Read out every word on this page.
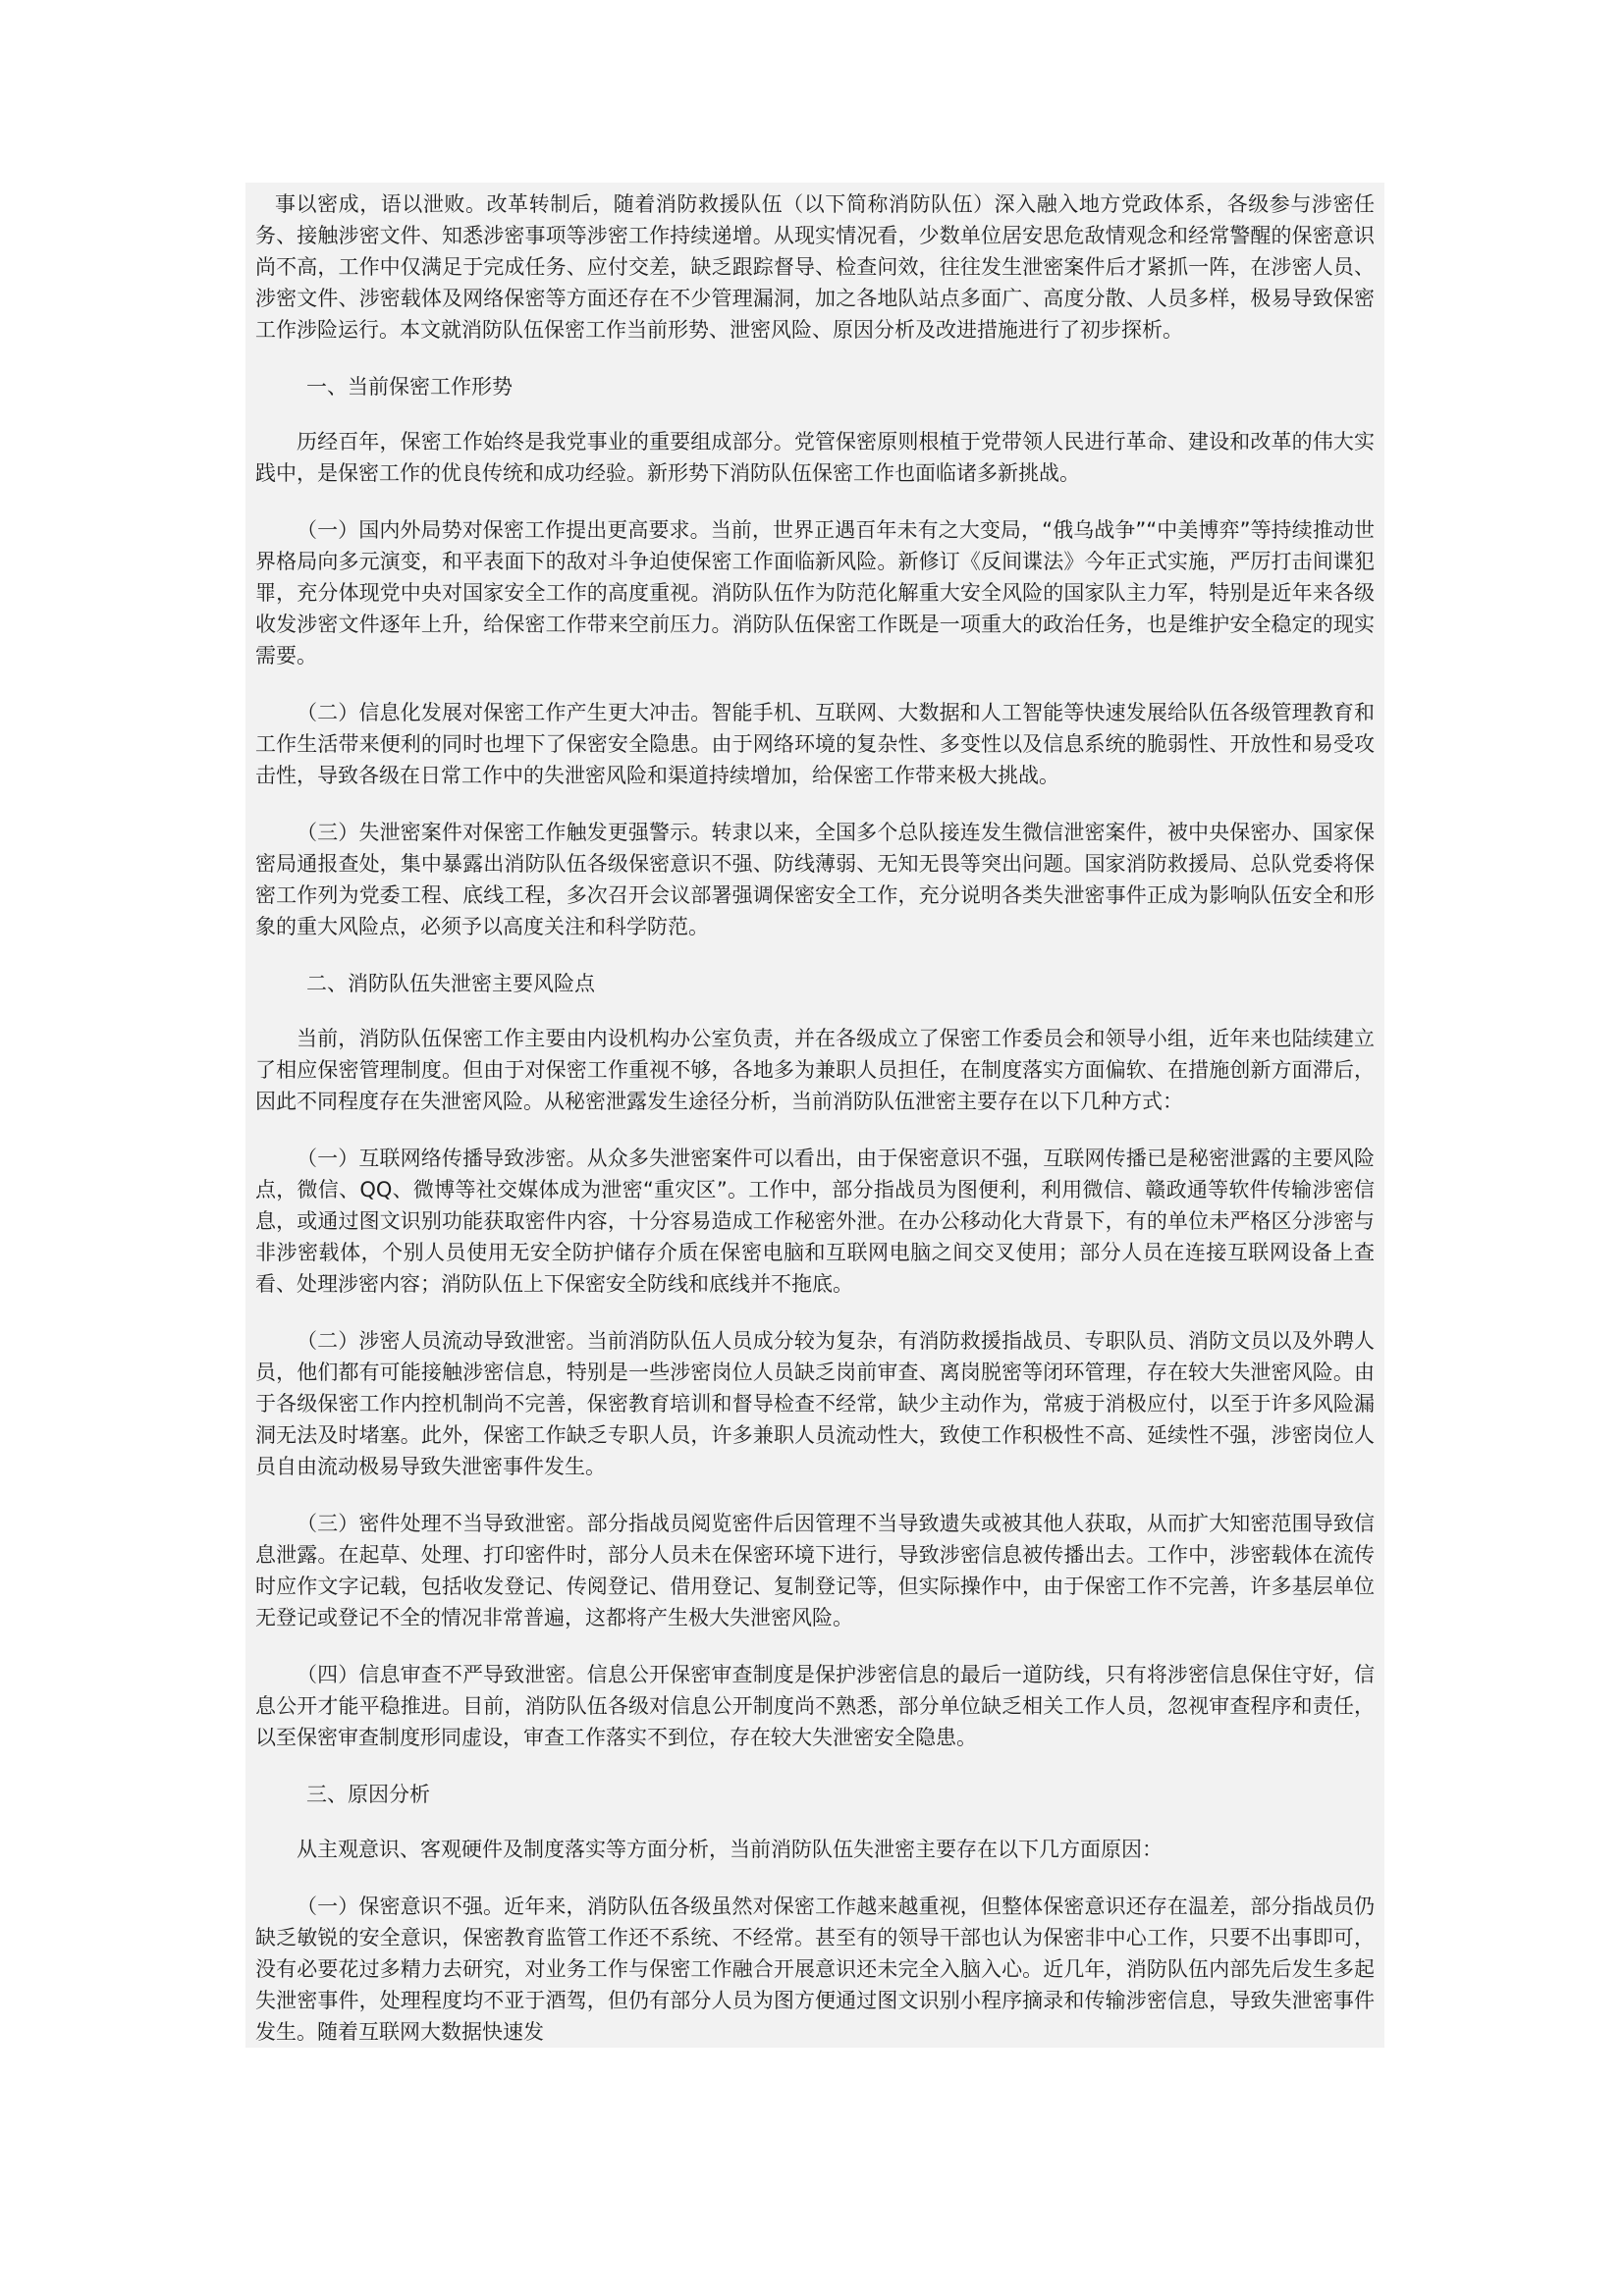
事以密成，语以泄败。改革转制后，随着消防救援队伍（以下简称消防队伍）深入融入地方党政体系，各级参与涉密任务、接触涉密文件、知悉涉密事项等涉密工作持续递增。从现实情况看，少数单位居安思危敌情观念和经常警醒的保密意识尚不高，工作中仅满足于完成任务、应付交差，缺乏跟踪督导、检查问效，往往发生泄密案件后才紧抓一阵，在涉密人员、涉密文件、涉密载体及网络保密等方面还存在不少管理漏洞，加之各地队站点多面广、高度分散、人员多样，极易导致保密工作涉险运行。本文就消防队伍保密工作当前形势、泄密风险、原因分析及改进措施进行了初步探析。

一、当前保密工作形势

历经百年，保密工作始终是我党事业的重要组成部分。党管保密原则根植于党带领人民进行革命、建设和改革的伟大实践中，是保密工作的优良传统和成功经验。新形势下消防队伍保密工作也面临诸多新挑战。

（一）国内外局势对保密工作提出更高要求。当前，世界正遇百年未有之大变局，“俄乌战争”“中美博弈”等持续推动世界格局向多元演变，和平表面下的敌对斗争迫使保密工作面临新风险。新修订《反间谍法》今年正式实施，严厉打击间谍犯罪，充分体现党中央对国家安全工作的高度重视。消防队伍作为防范化解重大安全风险的国家队主力军，特别是近年来各级收发涉密文件逐年上升，给保密工作带来空前压力。消防队伍保密工作既是一项重大的政治任务，也是维护安全稳定的现实需要。

（二）信息化发展对保密工作产生更大冲击。智能手机、互联网、大数据和人工智能等快速发展给队伍各级管理教育和工作生活带来便利的同时也埋下了保密安全隐患。由于网络环境的复杂性、多变性以及信息系统的脆弱性、开放性和易受攻击性，导致各级在日常工作中的失泄密风险和渠道持续增加，给保密工作带来极大挑战。

（三）失泄密案件对保密工作触发更强警示。转隶以来，全国多个总队接连发生微信泄密案件，被中央保密办、国家保密局通报查处，集中暴露出消防队伍各级保密意识不强、防线薄弱、无知无畏等突出问题。国家消防救援局、总队党委将保密工作列为党委工程、底线工程，多次召开会议部署强调保密安全工作，充分说明各类失泄密事件正成为影响队伍安全和形象的重大风险点，必须予以高度关注和科学防范。

二、消防队伍失泄密主要风险点

当前，消防队伍保密工作主要由内设机构办公室负责，并在各级成立了保密工作委员会和领导小组，近年来也陆续建立了相应保密管理制度。但由于对保密工作重视不够，各地多为兼职人员担任，在制度落实方面偏软、在措施创新方面滞后，因此不同程度存在失泄密风险。从秘密泄露发生途径分析，当前消防队伍泄密主要存在以下几种方式：

（一）互联网络传播导致涉密。从众多失泄密案件可以看出，由于保密意识不强，互联网传播已是秘密泄露的主要风险点，微信、QQ、微博等社交媒体成为泄密“重灾区”。工作中，部分指战员为图便利，利用微信、赣政通等软件传输涉密信息，或通过图文识别功能获取密件内容，十分容易造成工作秘密外泄。在办公移动化大背景下，有的单位未严格区分涉密与非涉密载体，个别人员使用无安全防护储存介质在保密电脑和互联网电脑之间交叉使用；部分人员在连接互联网设备上查看、处理涉密内容；消防队伍上下保密安全防线和底线并不拖底。

（二）涉密人员流动导致泄密。当前消防队伍人员成分较为复杂，有消防救援指战员、专职队员、消防文员以及外聘人员，他们都有可能接触涉密信息，特别是一些涉密岗位人员缺乏岗前审查、离岗脱密等闭环管理，存在较大失泄密风险。由于各级保密工作内控机制尚不完善，保密教育培训和督导检查不经常，缺少主动作为，常疲于消极应付，以至于许多风险漏洞无法及时堵塞。此外，保密工作缺乏专职人员，许多兼职人员流动性大，致使工作积极性不高、延续性不强，涉密岗位人员自由流动极易导致失泄密事件发生。

（三）密件处理不当导致泄密。部分指战员阅览密件后因管理不当导致遗失或被其他人获取，从而扩大知密范围导致信息泄露。在起草、处理、打印密件时，部分人员未在保密环境下进行，导致涉密信息被传播出去。工作中，涉密载体在流传时应作文字记载，包括收发登记、传阅登记、借用登记、复制登记等，但实际操作中，由于保密工作不完善，许多基层单位无登记或登记不全的情况非常普遍，这都将产生极大失泄密风险。

（四）信息审查不严导致泄密。信息公开保密审查制度是保护涉密信息的最后一道防线，只有将涉密信息保住守好，信息公开才能平稳推进。目前，消防队伍各级对信息公开制度尚不熟悉，部分单位缺乏相关工作人员，忽视审查程序和责任，以至保密审查制度形同虚设，审查工作落实不到位，存在较大失泄密安全隐患。

三、原因分析

从主观意识、客观硬件及制度落实等方面分析，当前消防队伍失泄密主要存在以下几方面原因：

（一）保密意识不强。近年来，消防队伍各级虽然对保密工作越来越重视，但整体保密意识还存在温差，部分指战员仍缺乏敏锐的安全意识，保密教育监管工作还不系统、不经常。甚至有的领导干部也认为保密非中心工作，只要不出事即可，没有必要花过多精力去研究，对业务工作与保密工作融合开展意识还未完全入脑入心。近几年，消防队伍内部先后发生多起失泄密事件，处理程度均不亚于酒驾，但仍有部分人员为图方便通过图文识别小程序摘录和传输涉密信息，导致失泄密事件发生。随着互联网大数据快速发
